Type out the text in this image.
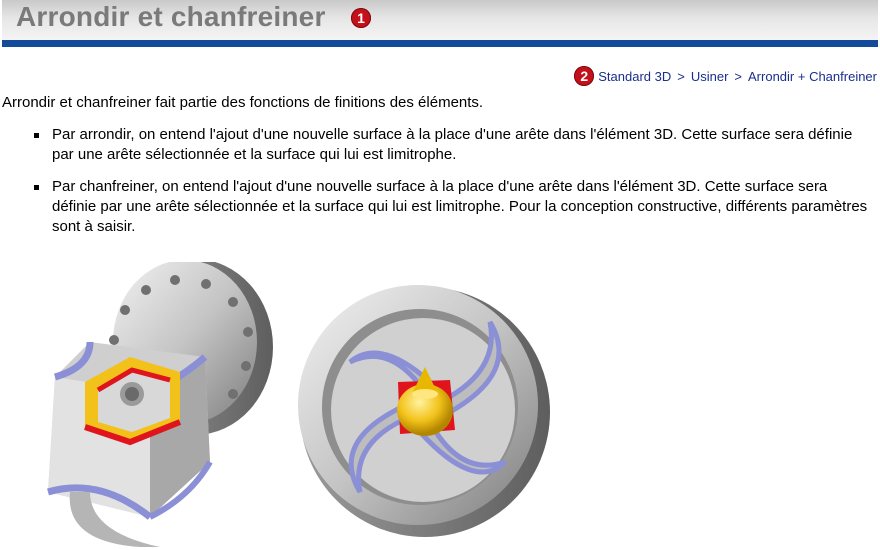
Arrondir et chanfreiner	1
2 Standard 3D > Usiner > Arrondir + Chanfreiner

Arrondir et chanfreiner fait partie des fonctions de finitions des éléments.

Par arrondir, on entend l'ajout d'une nouvelle surface à la place d'une arête dans l'élément 3D. Cette surface sera définie par une arête sélectionnée et la surface qui lui est limitrophe.
Par chanfreiner, on entend l'ajout d'une nouvelle surface à la place d'une arête dans l'élément 3D. Cette surface sera définie par une arête sélectionnée et la surface qui lui est limitrophe. Pour la conception constructive, différents paramètres sont à saisir.
